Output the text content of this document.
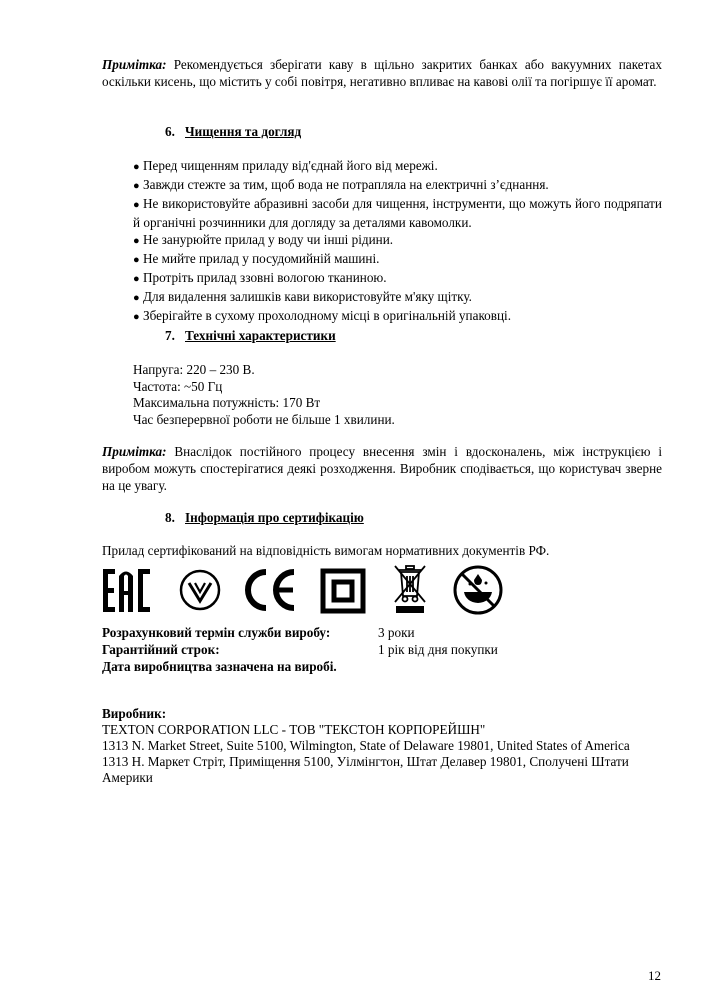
Примітка: Рекомендується зберігати каву в щільно закритих банках або вакуумних пакетах оскільки кисень, що містить у собі повітря, негативно впливає на кавові олії та погіршує її аромат.
6. Чищення та догляд
● Перед чищенням приладу від'єднай його від мережі.
● Завжди стежте за тим, щоб вода не потрапляла на електричні з’єднання.
● Не використовуйте абразивні засоби для чищення, інструменти, що можуть його подряпати й органічні розчинники для догляду за деталями кавомолки.
● Не занурюйте прилад у воду чи інші рідини.
● Не мийте прилад у посудомийній машині.
● Протріть прилад ззовні вологою тканиною.
● Для видалення залишків кави використовуйте м'яку щітку.
● Зберігайте в сухому прохолодному місці в оригінальній упаковці.
7. Технічні характеристики
Напруга: 220 – 230 В.
Частота: ~50 Гц
Максимальна потужність: 170 Вт
Час безперервної роботи не більше 1 хвилини.
Примітка: Внаслідок постійного процесу внесення змін і вдосконалень, між інструкцією і виробом можуть спостерігатися деякі розходження. Виробник сподівається, що користувач зверне на це увагу.
8. Інформація про сертифікацію
Прилад сертифікований на відповідність вимогам нормативних документів РФ.
Розрахунковий термін служби виробу:	3 роки
Гарантійний строк:	1 рік від дня покупки
Дата виробництва зазначена на виробі.
Виробник:
TEXTON CORPORATION LLC - ТОВ "ТЕКСТОН КОРПОРЕЙШН"
1313 N. Market Street, Suite 5100, Wilmington, State of Delaware 19801, United States of America
1313 Н. Маркет Стріт, Приміщення 5100, Уілмінгтон, Штат Делавер 19801, Сполучені Штати Америки
12
